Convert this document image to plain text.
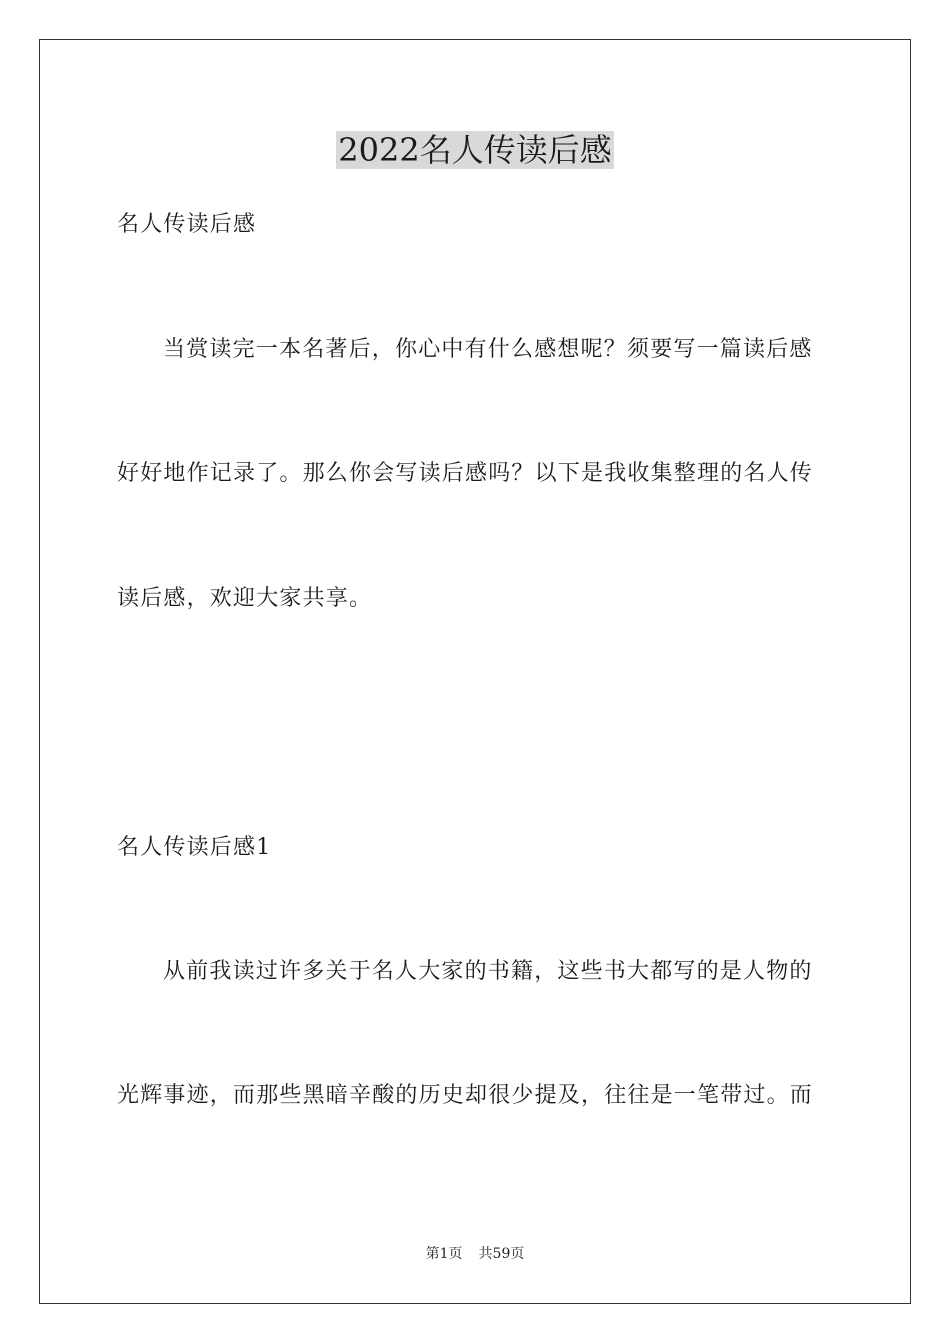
2022名人传读后感
名人传读后感
当赏读完一本名著后，你心中有什么感想呢？须要写一篇读后感
好好地作记录了。那么你会写读后感吗？以下是我收集整理的名人传
读后感，欢迎大家共享。
名人传读后感1
从前我读过许多关于名人大家的书籍，这些书大都写的是人物的
光辉事迹，而那些黑暗辛酸的历史却很少提及，往往是一笔带过。而
第1页 共59页
